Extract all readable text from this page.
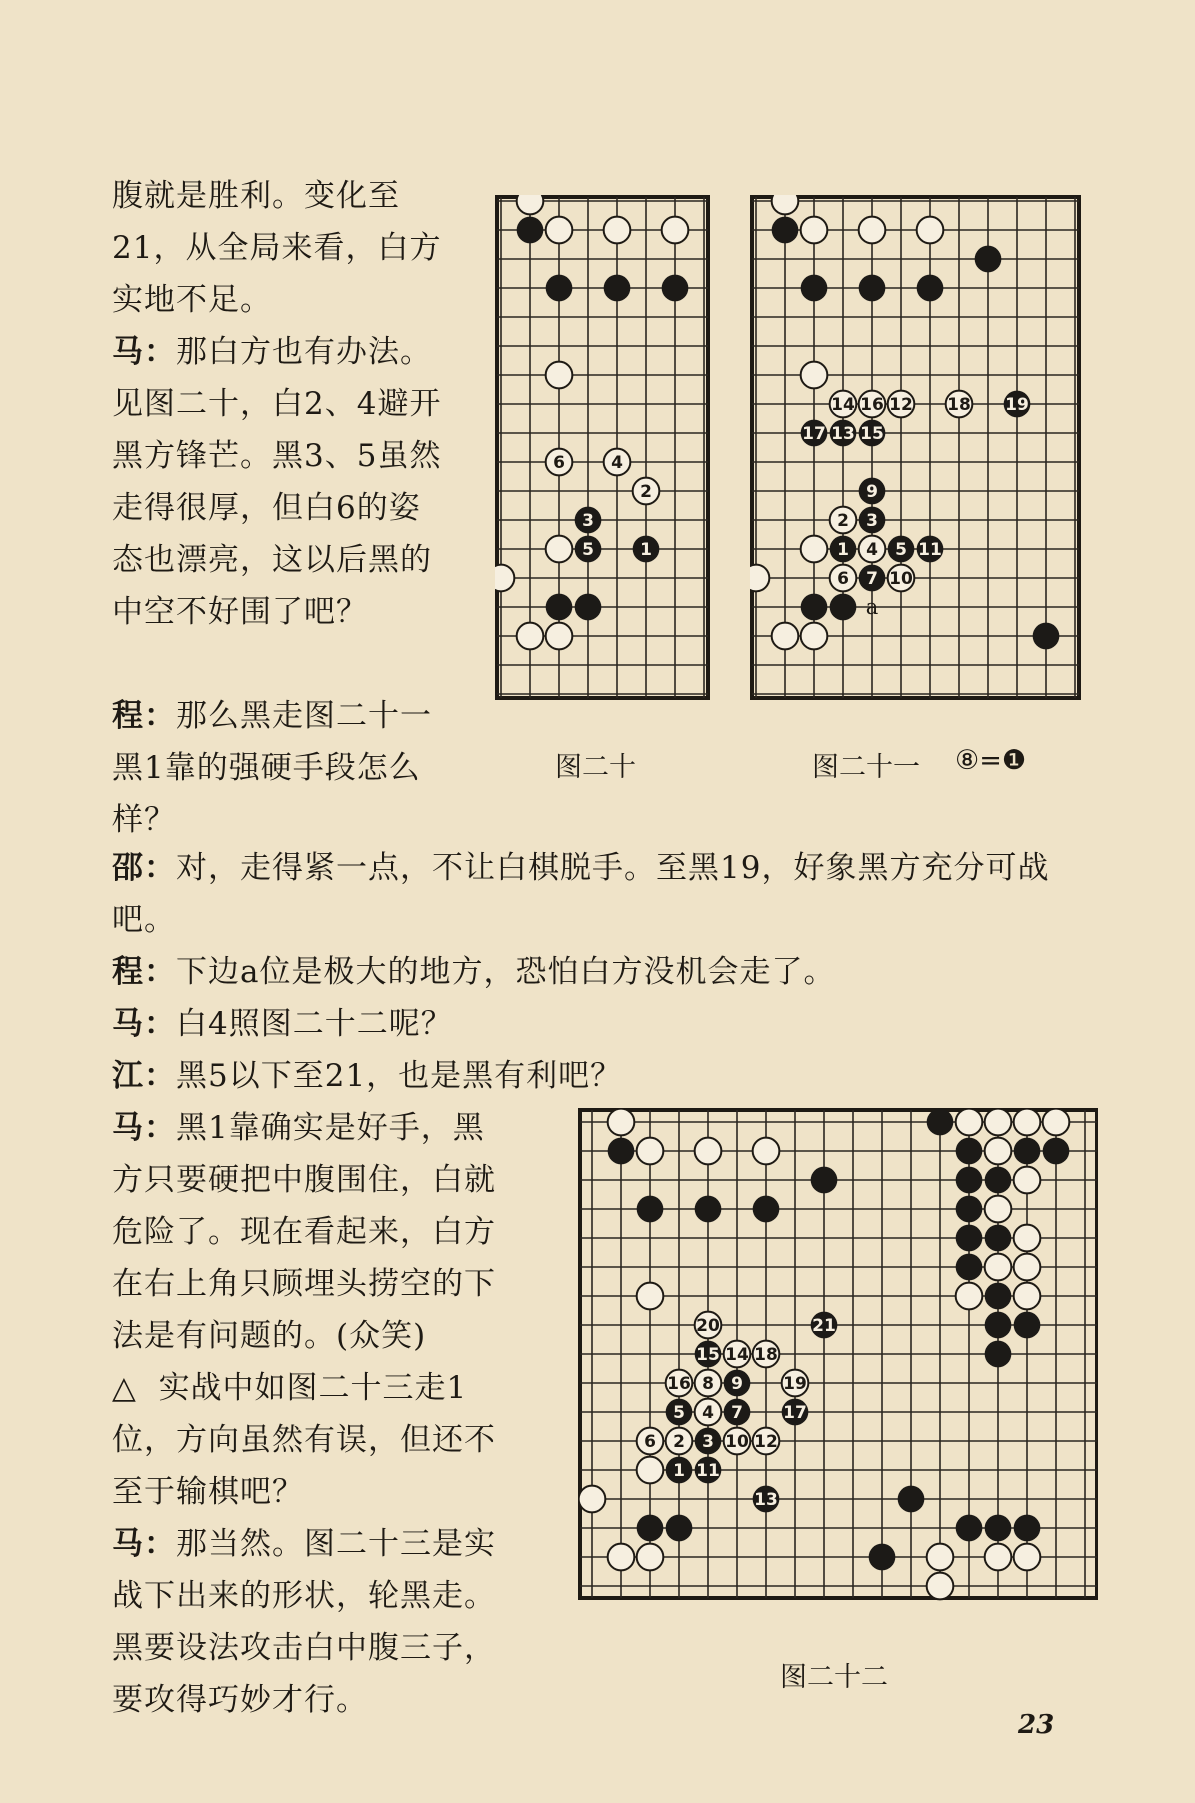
腹就是胜利。变化至21，从全局来看，白方实地不足。

马：那白方也有办法。

见图二十，白2、4避开黑方锋芒。黑3、5虽然走得很厚，但白6的姿态也漂亮，这以后黑的中空不好围了吧？

程：那么黑走图二十一黑1靠的强硬手段怎么样？

邵：对，走得紧一点，不让白棋脱手。至黑19，好象黑方充分可战吧。

程：下边a位是极大的地方，恐怕白方没机会走了。

马：白4照图二十二呢？

江：黑5以下至21，也是黑有利吧？

马：黑1靠确实是好手，黑方只要硬把中腹围住，白就危险了。现在看起来，白方在右上角只顾埋头捞空的下法是有问题的。(众笑)

△ 实战中如图二十三走1位，方向虽然有误，但还不至于输棋吧？

马：那当然。图二十三是实战下出来的形状，轮黑走。黑要设法攻击白中腹三子，要攻得巧妙才行。

6	4
2
3
5	1
14 16 12 18 19
17 13 15
9
2 3
1 4 5 11
6 7 10
a
20	21
15 14 18
16 8 9 19
5 4 7 17
6 2 3 10 12
1 11
13
图二十	图二十一 ⑧=❶
图二十二
23
